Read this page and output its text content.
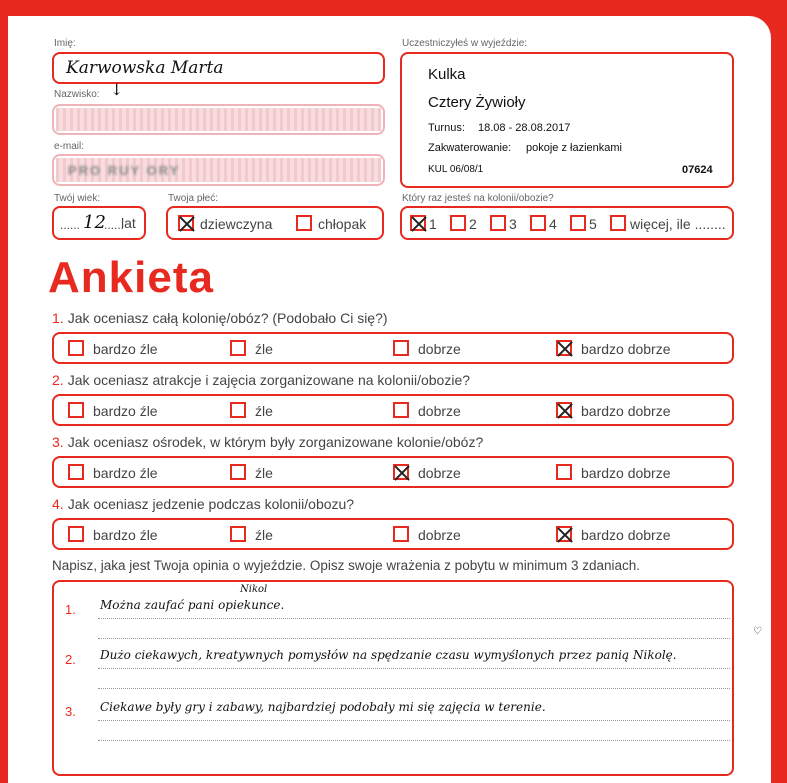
Imię:
Karwowska Marta
Nazwisko: ↓
e-mail:
PRO RUY ORY
Twój wiek:
...... 12
......
lat
Twoja płeć:
dziewczyna	chłopak
Uczestniczyłeś w wyjeździe:
Kulka
Cztery Żywioły
Turnus: 18.08 - 28.08.2017
Zakwaterowanie: pokoje z łazienkami
KUL 06/08/1	07624
Który raz jesteś na kolonii/obozie?
1 2 3 4 5 więcej, ile ........
Ankieta
1. Jak oceniasz całą kolonię/obóz? (Podobało Ci się?)
bardzo źle	źle	dobrze	bardzo dobrze
2. Jak oceniasz atrakcje i zajęcia zorganizowane na kolonii/obozie?
bardzo źle	źle	dobrze	bardzo dobrze
3. Jak oceniasz ośrodek, w którym były zorganizowane kolonie/obóz?
bardzo źle	źle	dobrze	bardzo dobrze
4. Jak oceniasz jedzenie podczas kolonii/obozu?
bardzo źle	źle	dobrze	bardzo dobrze
Napisz, jaka jest Twoja opinia o wyjeździe. Opisz swoje wrażenia z pobytu w minimum 3 zdaniach.
1. Można zaufać pani opiekunce.
Nikol
2. Dużo ciekawych, kreatywnych pomysłów na spędzanie czasu wymyślonych przez panią Nikolę.
♡
3. Ciekawe były gry i zabawy, najbardziej podobały mi się zajęcia w terenie.
